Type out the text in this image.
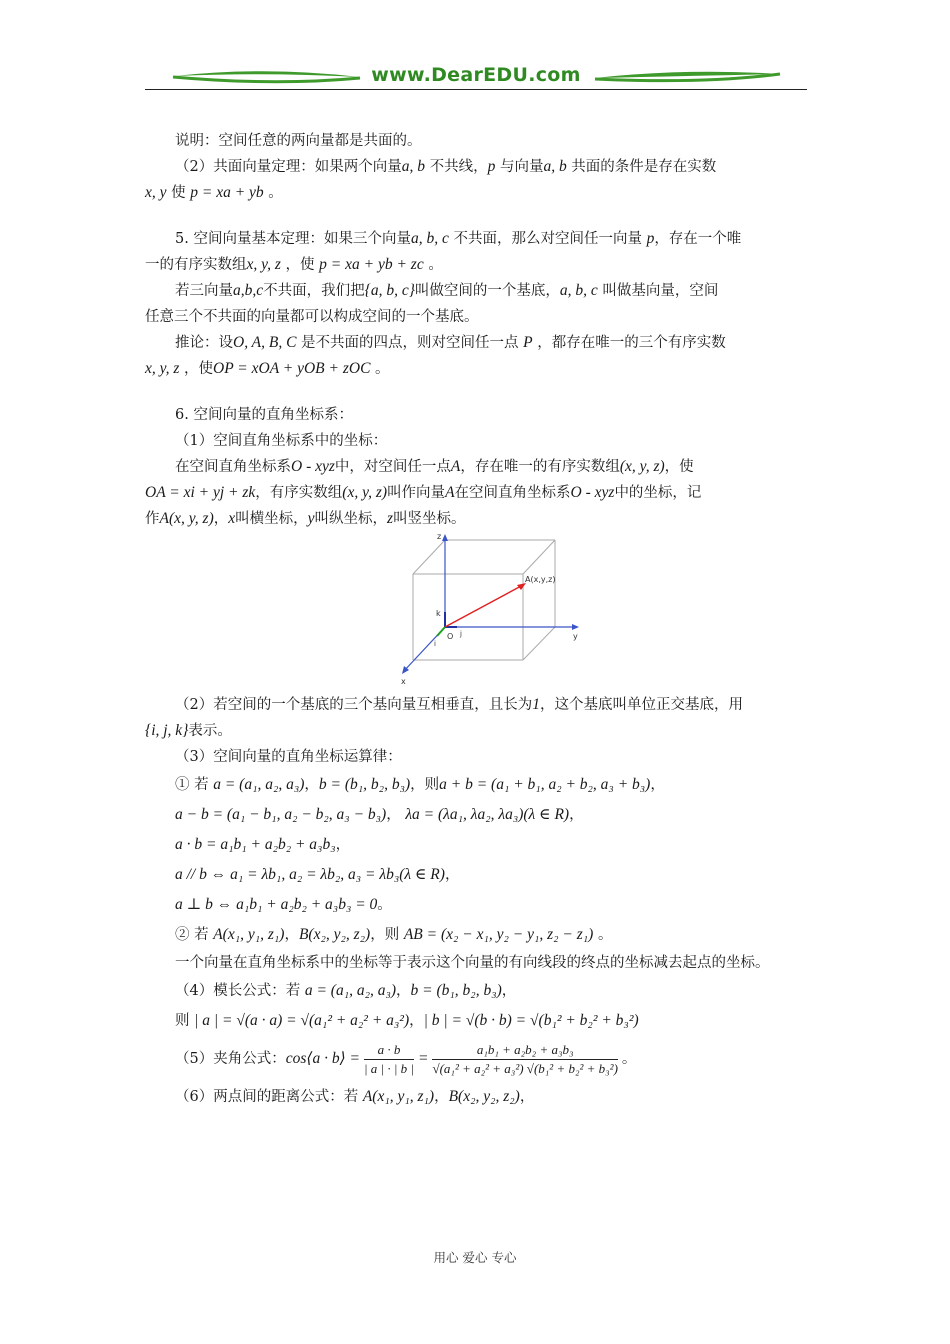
www.DearEDU.com

说明：空间任意的两向量都是共面的。

（2）共面向量定理：如果两个向量a, b 不共线，p 与向量a, b 共面的条件是存在实数

x, y 使 p = xa + yb 。

5. 空间向量基本定理：如果三个向量a, b, c 不共面，那么对空间任一向量 p，存在一个唯

一的有序实数组x, y, z ，使 p = xa + yb + zc 。

若三向量a,b,c不共面，我们把{a, b, c}叫做空间的一个基底，a, b, c 叫做基向量，空间

任意三个不共面的向量都可以构成空间的一个基底。

推论：设O, A, B, C 是不共面的四点，则对空间任一点 P ，都存在唯一的三个有序实数

x, y, z ，使OP = xOA + yOB + zOC 。

6. 空间向量的直角坐标系：

（1）空间直角坐标系中的坐标：

在空间直角坐标系O - xyz中，对空间任一点A，存在唯一的有序实数组(x, y, z)，使

OA = xi + yj + zk，有序实数组(x, y, z)叫作向量A在空间直角坐标系O - xyz中的坐标，记

作A(x, y, z)，x叫横坐标，y叫纵坐标，z叫竖坐标。

z
y
x
O
k
i
j
A(x,y,z)

（2）若空间的一个基底的三个基向量互相垂直，且长为1，这个基底叫单位正交基底，用

{i, j, k}表示。

（3）空间向量的直角坐标运算律：

① 若 a = (a₁, a₂, a₃)，b = (b₁, b₂, b₃)，则a + b = (a₁ + b₁, a₂ + b₂, a₃ + b₃)，

a − b = (a₁ − b₁, a₂ − b₂, a₃ − b₃)， λa = (λa₁, λa₂, λa₃)(λ ∈ R)，

a · b = a₁b₁ + a₂b₂ + a₃b₃，

a // b ⇔ a₁ = λb₁, a₂ = λb₂, a₃ = λb₃(λ ∈ R)，

a ⊥ b ⇔ a₁b₁ + a₂b₂ + a₃b₃ = 0。

② 若 A(x₁, y₁, z₁)，B(x₂, y₂, z₂)，则 AB = (x₂ − x₁, y₂ − y₁, z₂ − z₁) 。

一个向量在直角坐标系中的坐标等于表示这个向量的有向线段的终点的坐标减去起点的坐标。

（4）模长公式：若 a = (a₁, a₂, a₃)，b = (b₁, b₂, b₃)，

则 | a | = √(a · a) = √(a₁² + a₂² + a₃²)，| b | = √(b · b) = √(b₁² + b₂² + b₃²)

（5）夹角公式： cos⟨a · b⟩ =
a · b
| a | · | b |
=
a₁b₁ + a₂b₂ + a₃b₃
√(a₁² + a₂² + a₃²) √(b₁² + b₂² + b₃²)
。

（6）两点间的距离公式：若 A(x₁, y₁, z₁)，B(x₂, y₂, z₂)，

用心 爱心 专心
